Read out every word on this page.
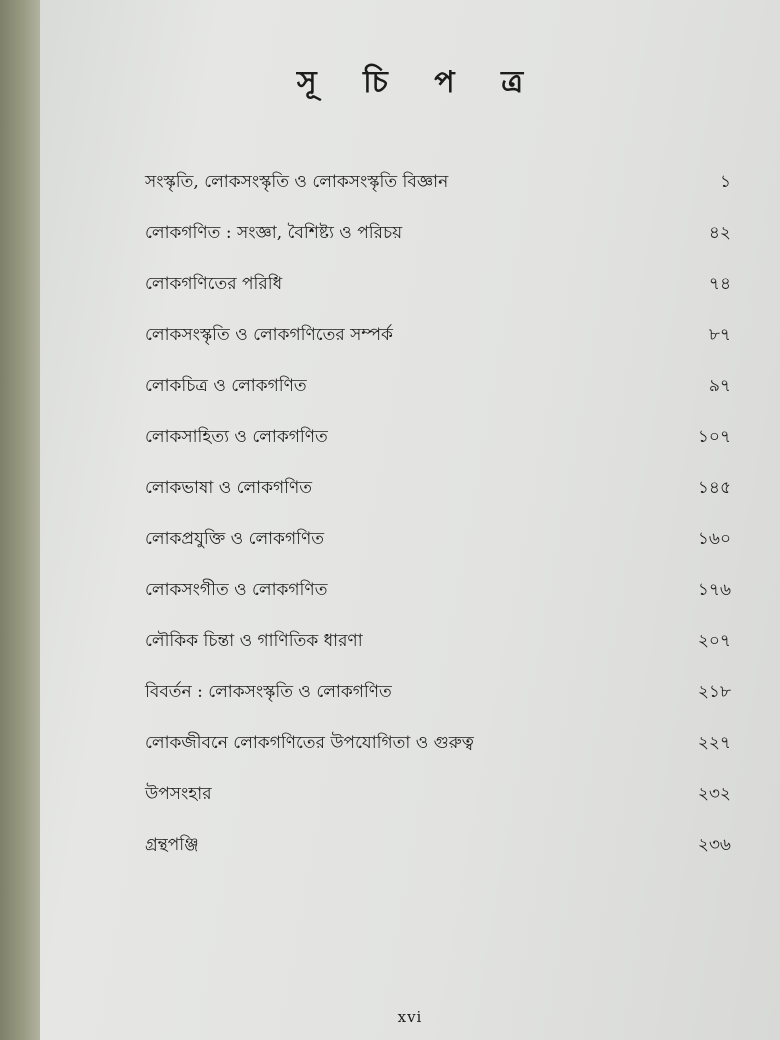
সূ চি প ত্র
সংস্কৃতি, লোকসংস্কৃতি ও লোকসংস্কৃতি বিজ্ঞান	১
লোকগণিত : সংজ্ঞা, বৈশিষ্ট্য ও পরিচয়	৪২
লোকগণিতের পরিধি	৭৪
লোকসংস্কৃতি ও লোকগণিতের সম্পর্ক	৮৭
লোকচিত্র ও লোকগণিত	৯৭
লোকসাহিত্য ও লোকগণিত	১০৭
লোকভাষা ও লোকগণিত	১৪৫
লোকপ্রযুক্তি ও লোকগণিত	১৬০
লোকসংগীত ও লোকগণিত	১৭৬
লৌকিক চিন্তা ও গাণিতিক ধারণা	২০৭
বিবর্তন : লোকসংস্কৃতি ও লোকগণিত	২১৮
লোকজীবনে লোকগণিতের উপযোগিতা ও গুরুত্ব	২২৭
উপসংহার	২৩২
গ্রন্থপঞ্জি	২৩৬
xvi
